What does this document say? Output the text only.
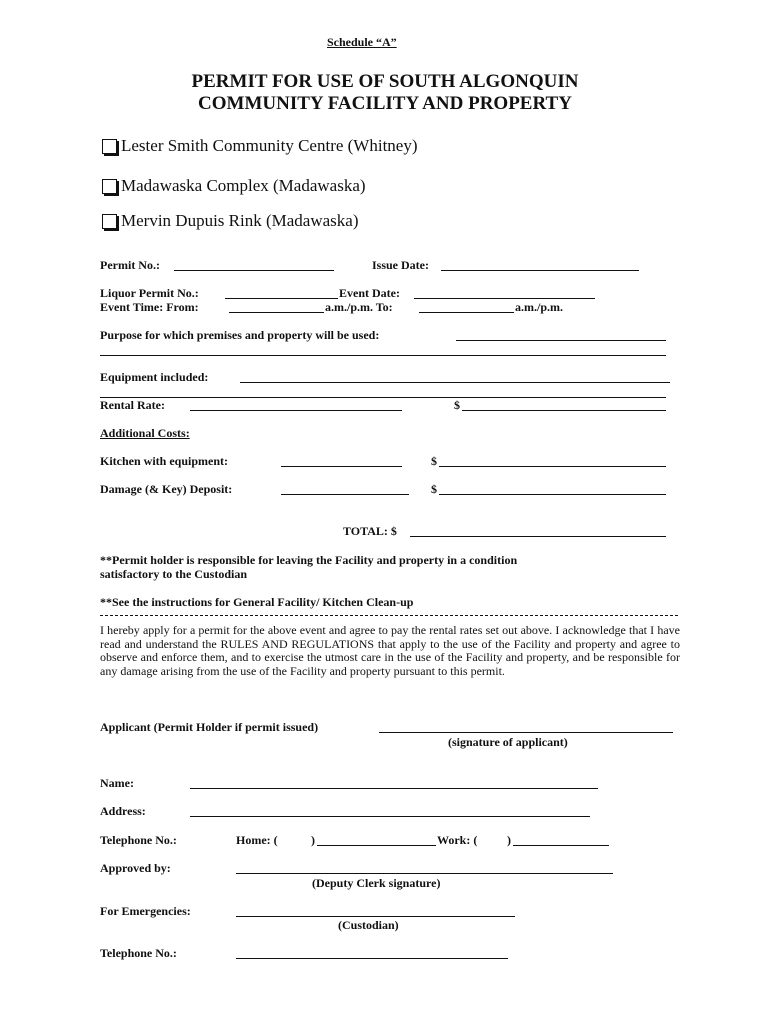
Schedule “A”
PERMIT FOR USE OF SOUTH ALGONQUIN
COMMUNITY FACILITY AND PROPERTY
Lester Smith Community Centre (Whitney)
Madawaska Complex (Madawaska)
Mervin Dupuis Rink (Madawaska)
Permit No.:	Issue Date:
Liquor Permit No.:	Event Date:
Event Time: From:	a.m./p.m. To:	a.m./p.m.
Purpose for which premises and property will be used:
Equipment included:
Rental Rate:	$
Additional Costs:
Kitchen with equipment:	$
Damage (& Key) Deposit:	$
TOTAL: $
**Permit holder is responsible for leaving the Facility and property in a condition
satisfactory to the Custodian
**See the instructions for General Facility/ Kitchen Clean-up
I hereby apply for a permit for the above event and agree to pay the rental rates set out above. I acknowledge that I have read and understand the RULES AND REGULATIONS that apply to the use of the Facility and property and agree to observe and enforce them, and to exercise the utmost care in the use of the Facility and property, and be responsible for any damage arising from the use of the Facility and property pursuant to this permit.
Applicant (Permit Holder if permit issued)
(signature of applicant)
Name:
Address:
Telephone No.:	Home: (	)	Work: ( )
Approved by:
(Deputy Clerk signature)
For Emergencies:
(Custodian)
Telephone No.:
